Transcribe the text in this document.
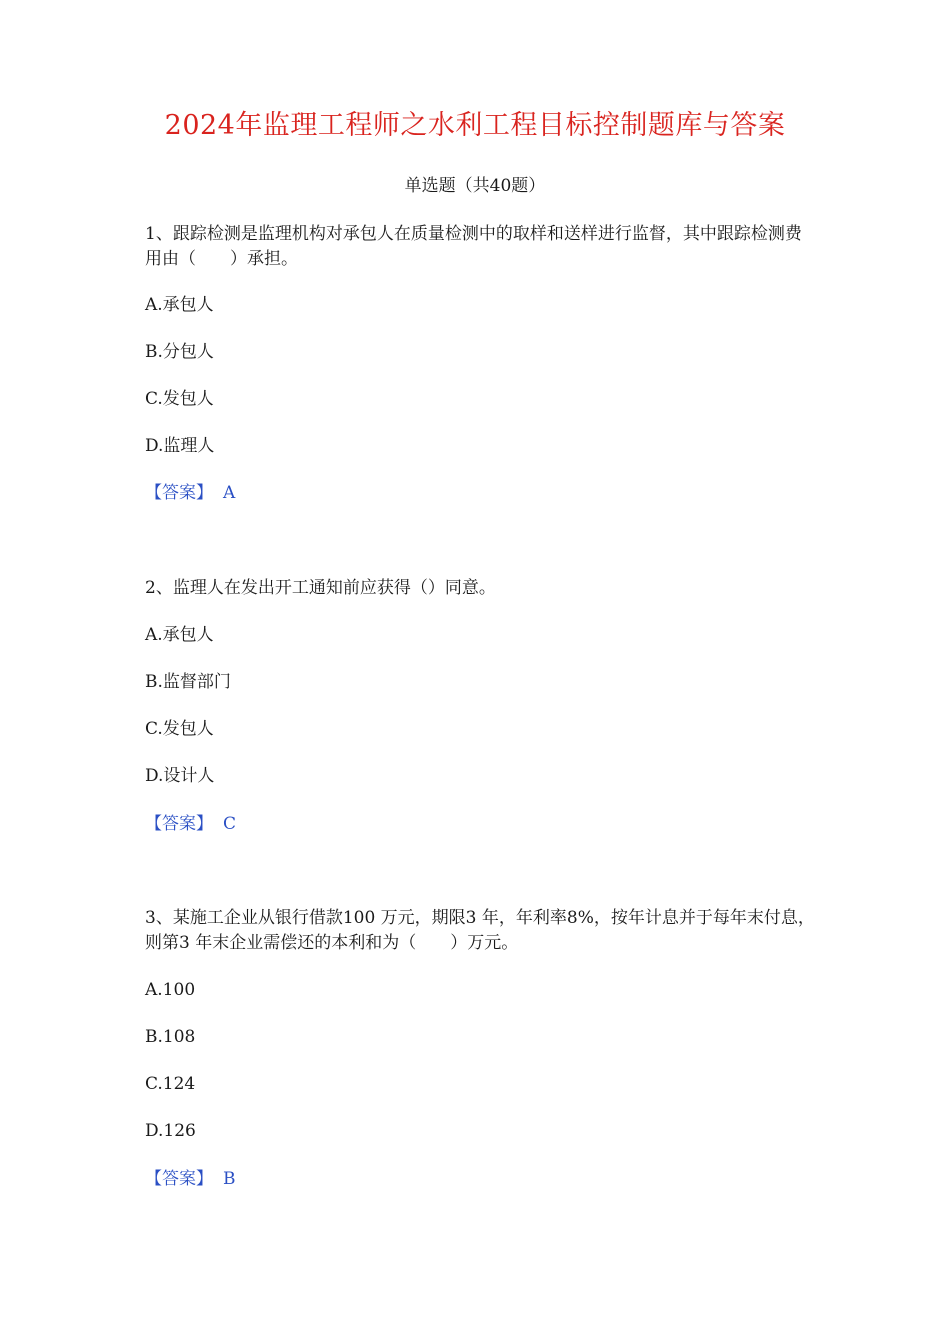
2024年监理工程师之水利工程目标控制题库与答案
单选题（共40题）
1、跟踪检测是监理机构对承包人在质量检测中的取样和送样进行监督，其中跟踪检测费用由（　　）承担。
A.承包人
B.分包人
C.发包人
D.监理人
【答案】 A
2、监理人在发出开工通知前应获得（）同意。
A.承包人
B.监督部门
C.发包人
D.设计人
【答案】 C
3、某施工企业从银行借款100 万元，期限3 年，年利率8%，按年计息并于每年末付息，则第3 年末企业需偿还的本利和为（　　）万元。
A.100
B.108
C.124
D.126
【答案】 B
